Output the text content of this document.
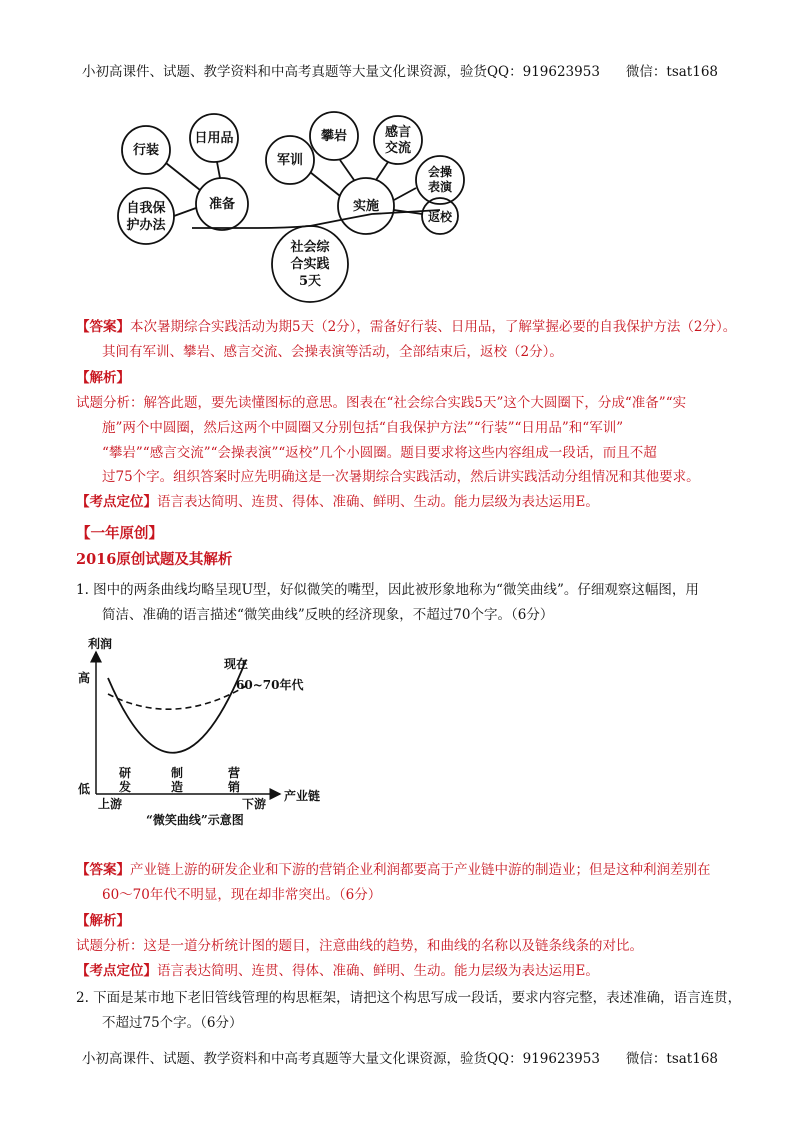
小初高课件、试题、教学资料和中高考真题等大量文化课资源，验货QQ：919623953 微信：tsat168
社会综
合实践
5天
准备	实施
日用品
行装
自我保
护办法
攀岩	感言
交流
军训
会操
表演
返校
【答案】本次暑期综合实践活动为期5天（2分），需备好行装、日用品，了解掌握必要的自我保护方法（2分）。
其间有军训、攀岩、感言交流、会操表演等活动，全部结束后，返校（2分）。
【解析】
试题分析：解答此题，要先读懂图标的意思。图表在“社会综合实践5天”这个大圆圈下，分成“准备”“实
施”两个中圆圈，然后这两个中圆圈又分别包括“自我保护方法”“行装”“日用品”和“军训”
“攀岩”“感言交流”“会操表演”“返校”几个小圆圈。题目要求将这些内容组成一段话，而且不超
过75个字。组织答案时应先明确这是一次暑期综合实践活动，然后讲实践活动分组情况和其他要求。
【考点定位】语言表达简明、连贯、得体、准确、鲜明、生动。能力层级为表达运用E。
【一年原创】
2016原创试题及其解析
1. 图中的两条曲线均略呈现U型，好似微笑的嘴型，因此被形象地称为“微笑曲线”。仔细观察这幅图，用
简洁、准确的语言描述“微笑曲线”反映的经济现象，不超过70个字。（6分）
利润
高
低	产业链
上游	下游
现在
60~70年代
研
发
制
造
营
销
“微笑曲线”示意图
【答案】产业链上游的研发企业和下游的营销企业利润都要高于产业链中游的制造业；但是这种利润差别在
60～70年代不明显，现在却非常突出。（6分）
【解析】
试题分析：这是一道分析统计图的题目，注意曲线的趋势，和曲线的名称以及链条线条的对比。
【考点定位】语言表达简明、连贯、得体、准确、鲜明、生动。能力层级为表达运用E。
2. 下面是某市地下老旧管线管理的构思框架，请把这个构思写成一段话，要求内容完整，表述准确，语言连贯，
不超过75个字。（6分）
小初高课件、试题、教学资料和中高考真题等大量文化课资源，验货QQ：919623953 微信：tsat168
